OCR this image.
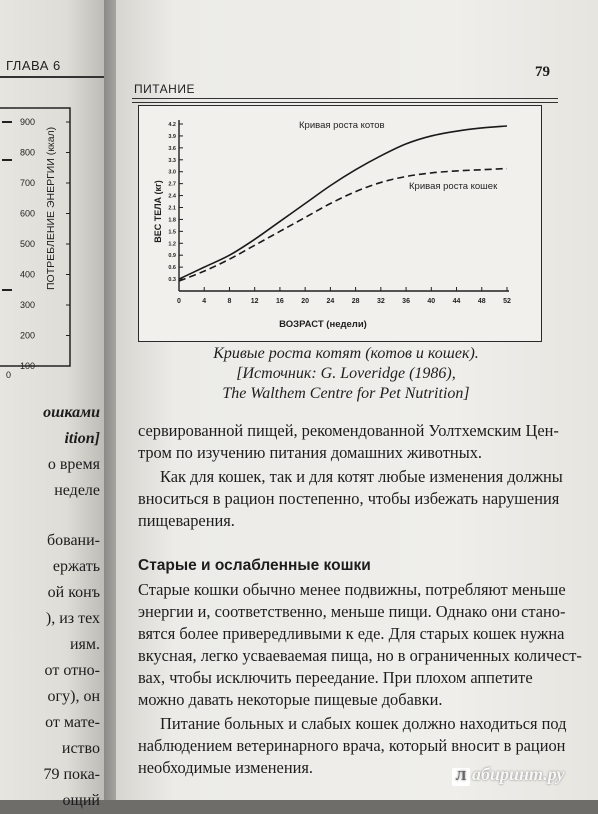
ГЛАВА 6
ПОТРЕБЛЕНИЕ ЭНЕРГИИ (ккал)
900
800
700
600
500
400
300
200
100
0
ошками
ition]
о время
неделе
бовани-
ержать
ой конъ
), из тех
иям.
от отно-
огу), он
от мате-
иство
79 пока-
ощий
ПИТАНИЕ
79
0.3
0.6
0.9
1.2
1.5
1.8
2.1
2.4
2.7
3.0
3.3
3.6
3.9
4.2
0	4	8	12 16 20 24 28 32 36 40 44 48 52
ВОЗРАСТ (недели)
ВЕС ТЕЛА (кг)
Кривая роста котов
Кривая роста кошек
Кривые роста котят (котов и кошек).
[Источник: G. Loveridge (1986),
The Walthem Centre for Pet Nutrition]

сервированной пищей, рекомендованной Уолтхемским Цен-
тром по изучению питания домашних животных.

Как для кошек, так и для котят любые изменения должны
вноситься в рацион постепенно, чтобы избежать нарушения
пищеварения.

Старые и ослабленные кошки

Старые кошки обычно менее подвижны, потребляют меньше
энергии и, соответственно, меньше пищи. Однако они стано-
вятся более привередливыми к еде. Для старых кошек нужна
вкусная, легко усваеваемая пища, но в ограниченных количест-
вах, чтобы исключить переедание. При плохом аппетите
можно давать некоторые пищевые добавки.

Питание больных и слабых кошек должно находиться под
наблюдением ветеринарного врача, который вносит в рацион
необходимые изменения.	Л абиринт.ру
